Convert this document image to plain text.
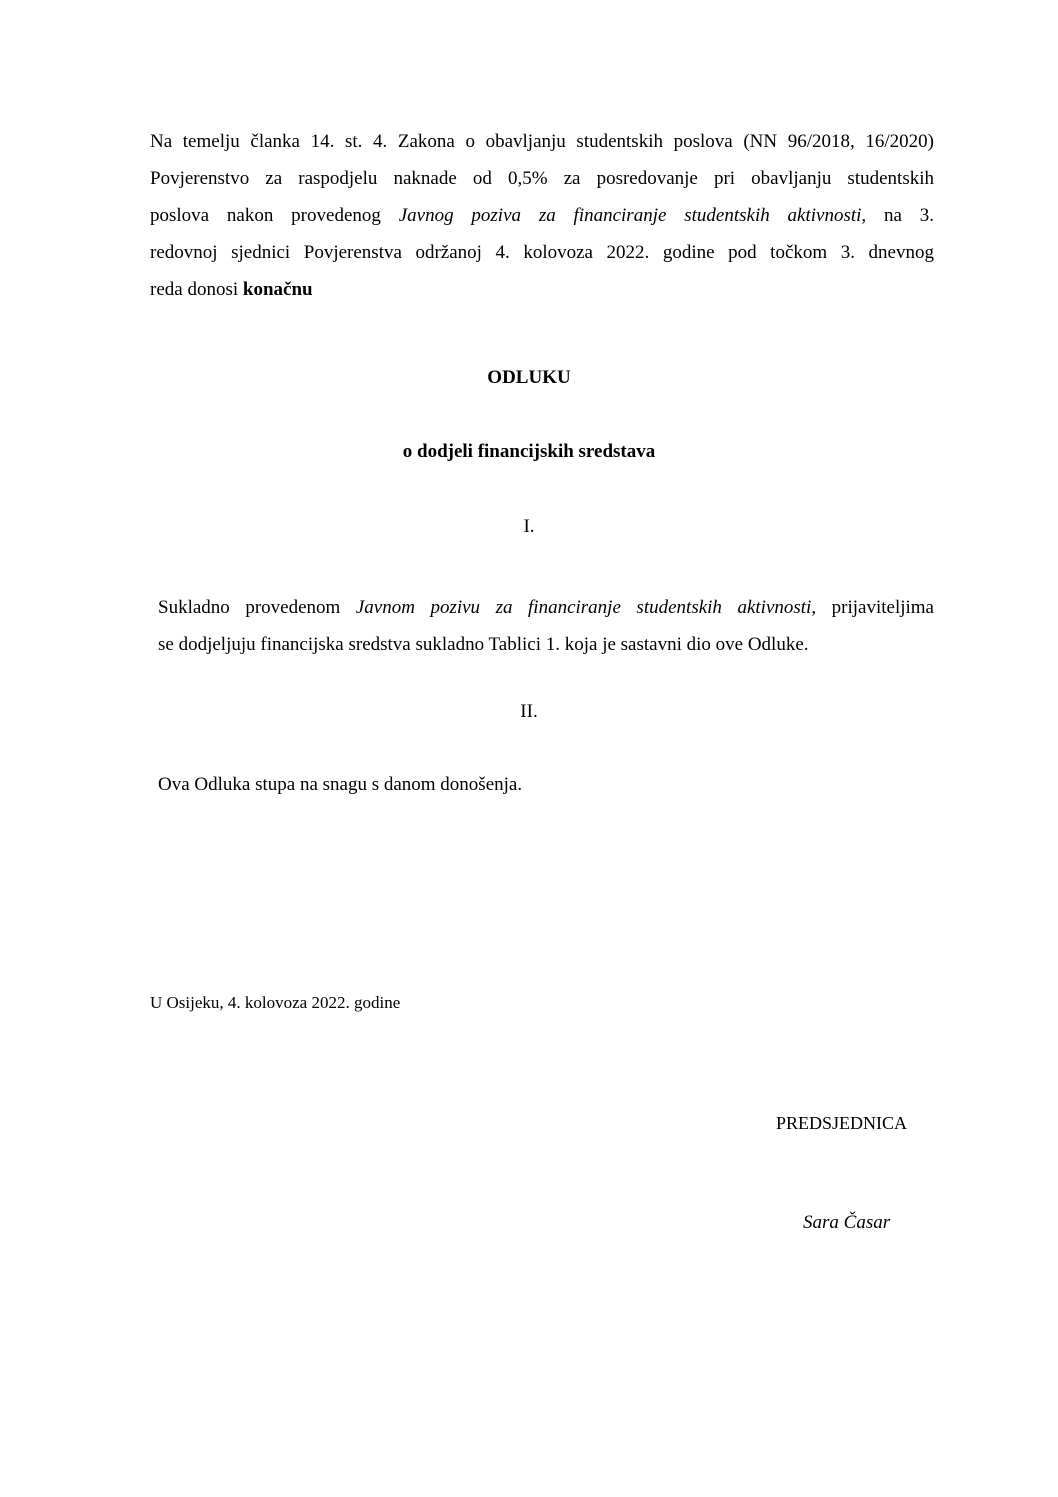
Na temelju članka 14. st. 4. Zakona o obavljanju studentskih poslova (NN 96/2018, 16/2020)
Povjerenstvo za raspodjelu naknade od 0,5% za posredovanje pri obavljanju studentskih
poslova nakon provedenog Javnog poziva za financiranje studentskih aktivnosti, na 3.
redovnoj sjednici Povjerenstva održanoj 4. kolovoza 2022. godine pod točkom 3. dnevnog
reda donosi konačnu
ODLUKU
o dodjeli financijskih sredstava
I.
Sukladno provedenom Javnom pozivu za financiranje studentskih aktivnosti, prijaviteljima
se dodjeljuju financijska sredstva sukladno Tablici 1. koja je sastavni dio ove Odluke.
II.
Ova Odluka stupa na snagu s danom donošenja.
U Osijeku, 4. kolovoza 2022. godine
PREDSJEDNICA
Sara Časar
